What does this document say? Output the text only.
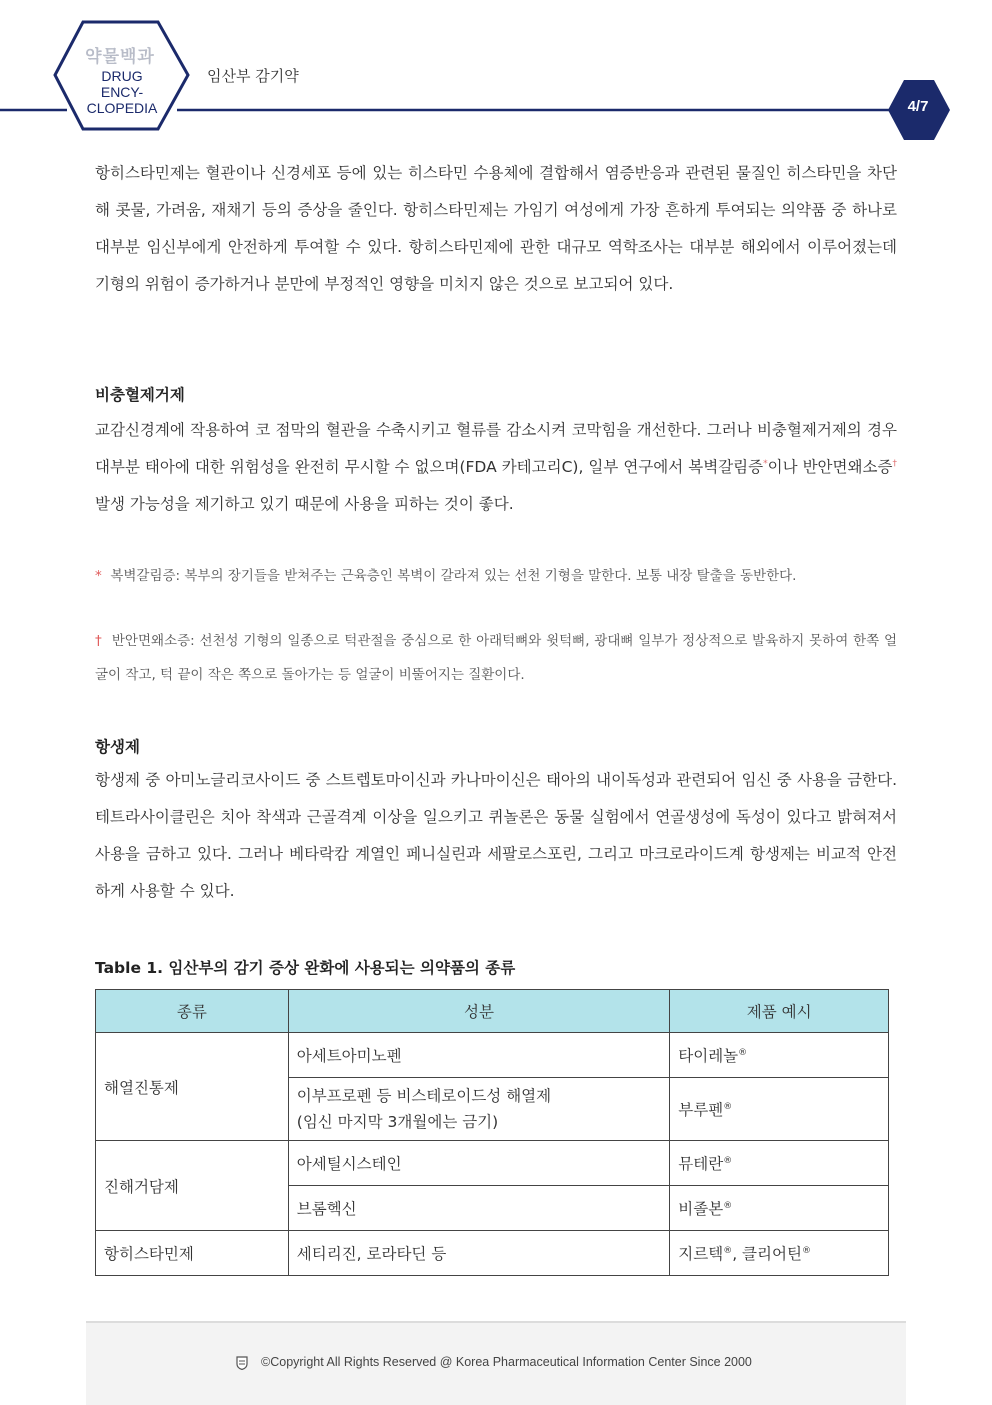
약물백과
DRUG ENCY-
CLOPEDIA
임산부 감기약
4/7

항히스타민제는 혈관이나 신경세포 등에 있는 히스타민 수용체에 결합해서 염증반응과 관련된 물질인 히스타민을 차단해 콧물, 가려움, 재채기 등의 증상을 줄인다. 항히스타민제는 가임기 여성에게 가장 흔하게 투여되는 의약품 중 하나로 대부분 임신부에게 안전하게 투여할 수 있다. 항히스타민제에 관한 대규모 역학조사는 대부분 해외에서 이루어졌는데 기형의 위험이 증가하거나 분만에 부정적인 영향을 미치지 않은 것으로 보고되어 있다.

비충혈제거제

교감신경계에 작용하여 코 점막의 혈관을 수축시키고 혈류를 감소시켜 코막힘을 개선한다. 그러나 비충혈제거제의 경우 대부분 태아에 대한 위험성을 완전히 무시할 수 없으며(FDA 카테고리C), 일부 연구에서 복벽갈림증*이나 반안면왜소증† 발생 가능성을 제기하고 있기 때문에 사용을 피하는 것이 좋다.

* 복벽갈림증: 복부의 장기들을 받쳐주는 근육층인 복벽이 갈라져 있는 선천 기형을 말한다. 보통 내장 탈출을 동반한다.

† 반안면왜소증: 선천성 기형의 일종으로 턱관절을 중심으로 한 아래턱뼈와 윗턱뼈, 광대뼈 일부가 정상적으로 발육하지 못하여 한쪽 얼굴이 작고, 턱 끝이 작은 쪽으로 돌아가는 등 얼굴이 비뚤어지는 질환이다.

항생제

항생제 중 아미노글리코사이드 중 스트렙토마이신과 카나마이신은 태아의 내이독성과 관련되어 임신 중 사용을 금한다. 테트라사이클린은 치아 착색과 근골격계 이상을 일으키고 퀴놀론은 동물 실험에서 연골생성에 독성이 있다고 밝혀져서 사용을 금하고 있다. 그러나 베타락캄 계열인 페니실린과 세팔로스포린, 그리고 마크로라이드계 항생제는 비교적 안전하게 사용할 수 있다.

Table 1. 임산부의 감기 증상 완화에 사용되는 의약품의 종류
종류	성분	제품 예시
해열진통제	아세트아미노펜	타이레놀®

	이부프로펜 등 비스테로이드성 해열제
(임신 마지막 3개월에는 금기)	부루펜®
진해거담제	아세틸시스테인	뮤테란®
	브롬헥신	비졸본®
항히스타민제	세티리진, 로라타딘 등	지르텍®, 클리어틴®
©Copyright All Rights Reserved @ Korea Pharmaceutical Information Center Since 2000
